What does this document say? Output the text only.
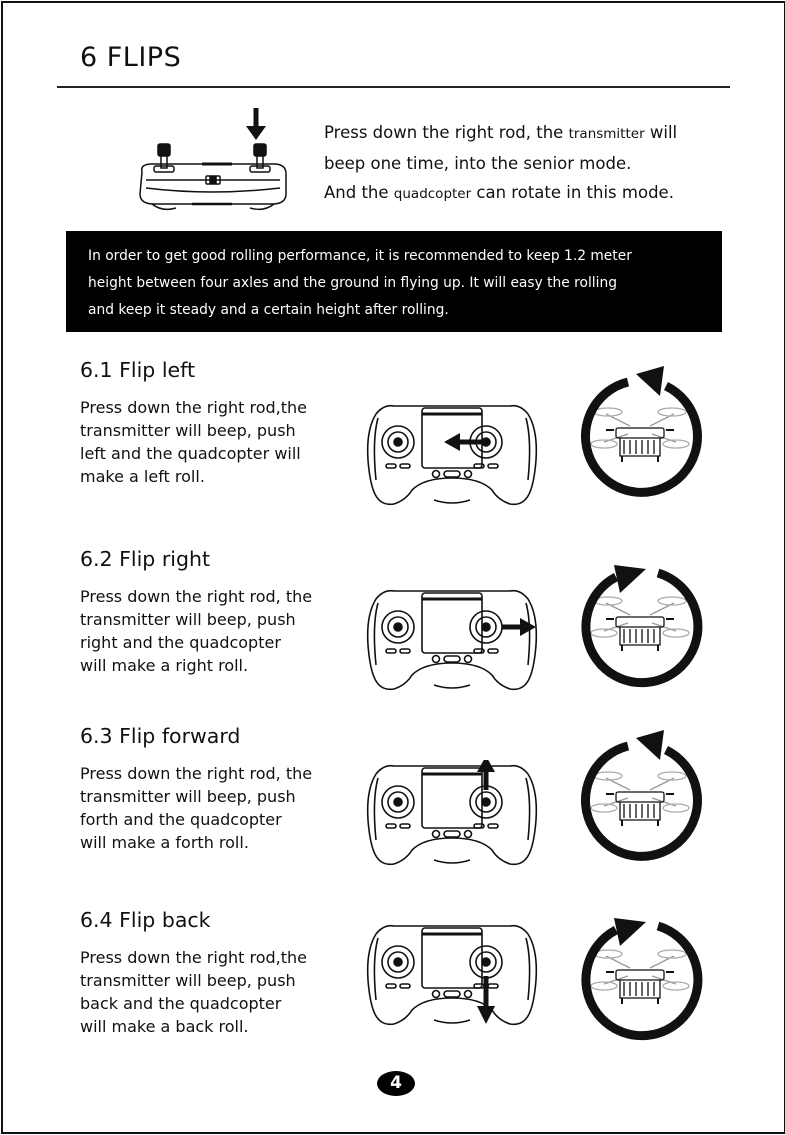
6 FLIPS

Press down the right rod, the transmitter will

beep one time, into the senior mode.

And the quadcopter can rotate in this mode.

In order to get good rolling performance, it is recommended to keep 1.2 meter

height between four axles and the ground in flying up. It will easy the rolling

and keep it steady and a certain height after rolling.

6.1 Flip left

Press down the right rod,the

transmitter will beep, push

left and the quadcopter will

make a left roll.

6.2 Flip right

Press down the right rod, the

transmitter will beep, push

right and the quadcopter

will make a right roll.

6.3 Flip forward

Press down the right rod, the

transmitter will beep, push

forth and the quadcopter

will make a forth roll.

6.4 Flip back

Press down the right rod,the

transmitter will beep, push

back and the quadcopter

will make a back roll.

4
